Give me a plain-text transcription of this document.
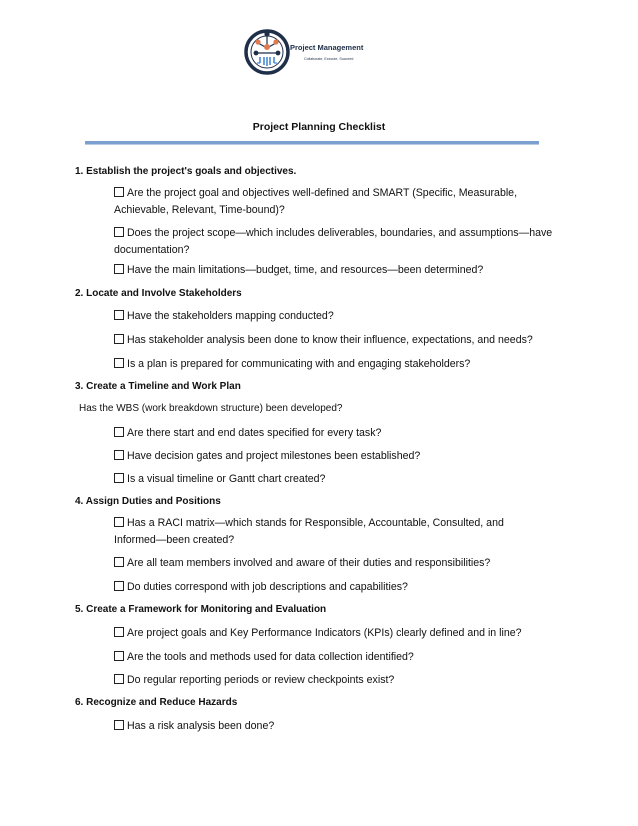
Project Management
Collaborate, Execute, Succeed
Project Planning Checklist
1. Establish the project's goals and objectives.
Are the project goal and objectives well-defined and SMART (Specific, Measurable, Achievable, Relevant, Time-bound)?
Does the project scope—which includes deliverables, boundaries, and assumptions—have documentation?
Have the main limitations—budget, time, and resources—been determined?
2. Locate and Involve Stakeholders
Have the stakeholders mapping conducted?
Has stakeholder analysis been done to know their influence, expectations, and needs?
Is a plan is prepared for communicating with and engaging stakeholders?
3. Create a Timeline and Work Plan
Has the WBS (work breakdown structure) been developed?
Are there start and end dates specified for every task?
Have decision gates and project milestones been established?
Is a visual timeline or Gantt chart created?
4. Assign Duties and Positions
Has a RACI matrix—which stands for Responsible, Accountable, Consulted, and Informed—been created?
Are all team members involved and aware of their duties and responsibilities?
Do duties correspond with job descriptions and capabilities?
5. Create a Framework for Monitoring and Evaluation
Are project goals and Key Performance Indicators (KPIs) clearly defined and in line?
Are the tools and methods used for data collection identified?
Do regular reporting periods or review checkpoints exist?
6. Recognize and Reduce Hazards
Has a risk analysis been done?
